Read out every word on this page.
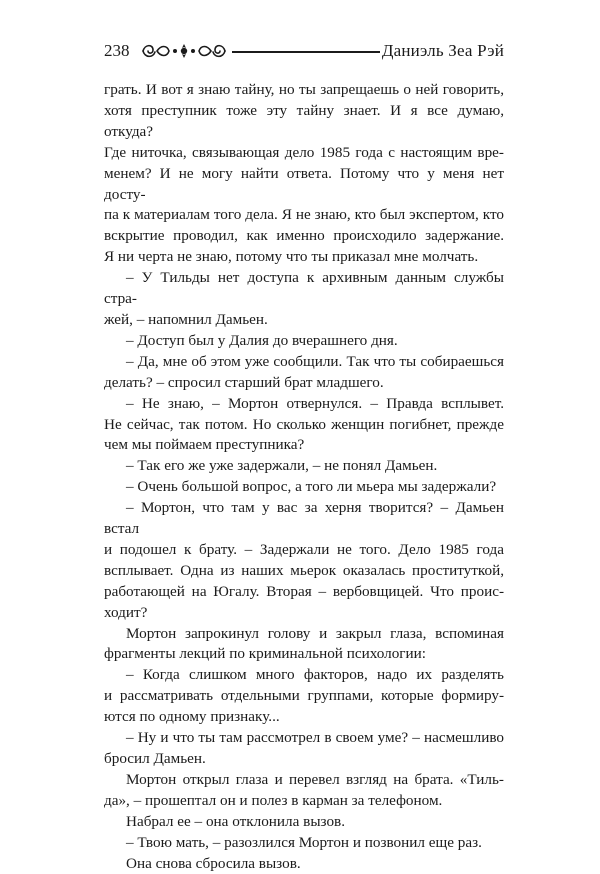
238	Даниэль Зеа Рэй

грать. И вот я знаю тайну, но ты запрещаешь о ней говорить,

хотя преступник тоже эту тайну знает. И я все думаю, откуда?

Где ниточка, связывающая дело 1985 года с настоящим вре-

менем? И не могу найти ответа. Потому что у меня нет досту-

па к материалам того дела. Я не знаю, кто был экспертом, кто

вскрытие проводил, как именно происходило задержание.

Я ни черта не знаю, потому что ты приказал мне молчать.

– У Тильды нет доступа к архивным данным службы стра-

жей, – напомнил Дамьен.

– Доступ был у Далия до вчерашнего дня.

– Да, мне об этом уже сообщили. Так что ты собираешься

делать? – спросил старший брат младшего.

– Не знаю, – Мортон отвернулся. – Правда всплывет.

Не сейчас, так потом. Но сколько женщин погибнет, прежде

чем мы поймаем преступника?

– Так его же уже задержали, – не понял Дамьен.

– Очень большой вопрос, а того ли мьера мы задержали?

– Мортон, что там у вас за херня творится? – Дамьен встал

и подошел к брату. – Задержали не того. Дело 1985 года

всплывает. Одна из наших мьерок оказалась проституткой,

работающей на Югалу. Вторая – вербовщицей. Что проис-

ходит?

Мортон запрокинул голову и закрыл глаза, вспоминая

фрагменты лекций по криминальной психологии:

– Когда слишком много факторов, надо их разделять

и рассматривать отдельными группами, которые формиру-

ются по одному признаку...

– Ну и что ты там рассмотрел в своем уме? – насмешливо

бросил Дамьен.

Мортон открыл глаза и перевел взгляд на брата. «Тиль-

да», – прошептал он и полез в карман за телефоном.

Набрал ее – она отклонила вызов.

– Твою мать, – разозлился Мортон и позвонил еще раз.

Она снова сбросила вызов.
